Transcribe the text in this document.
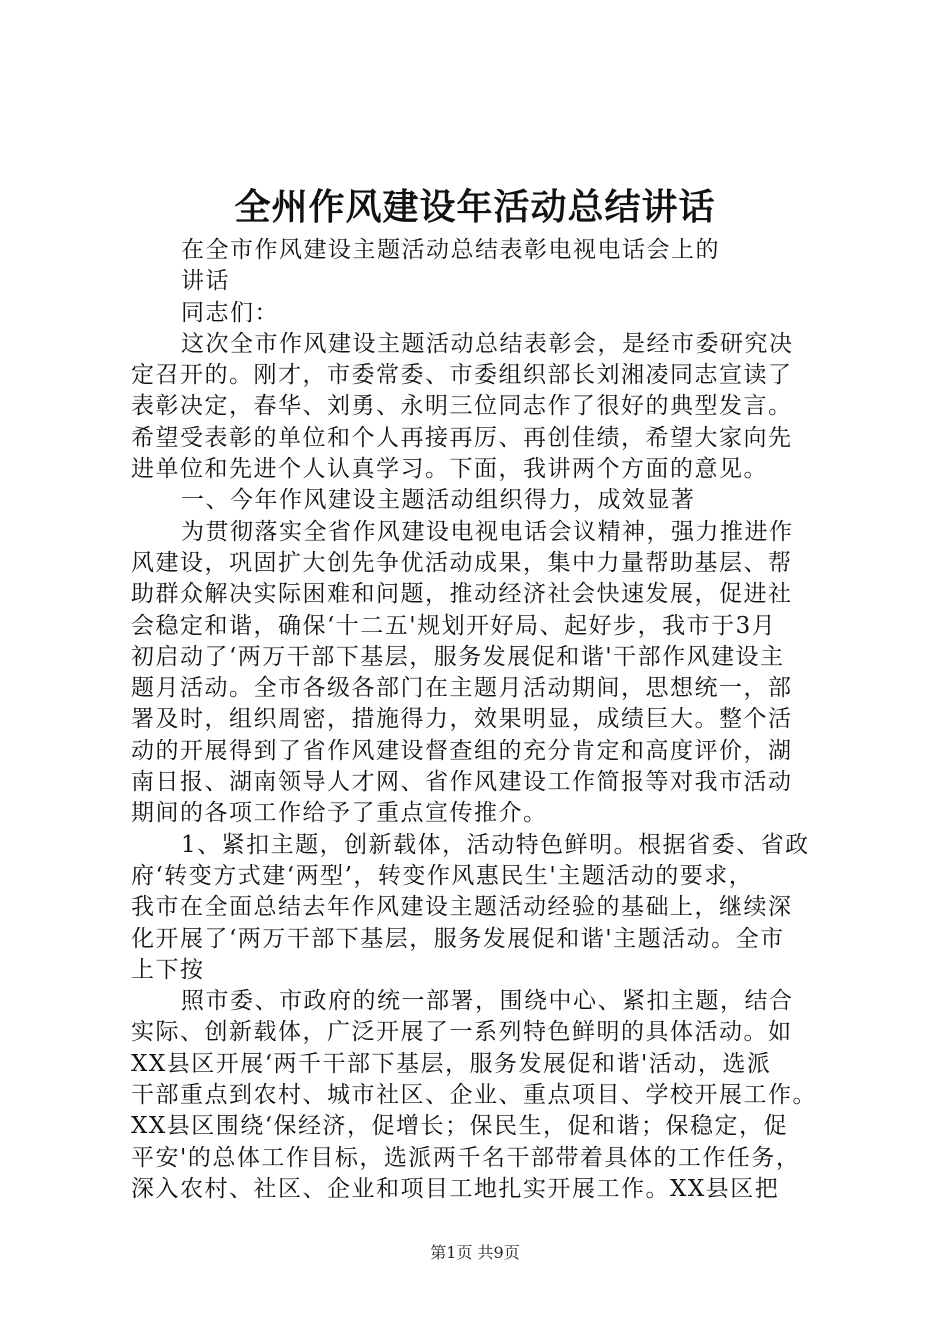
全州作风建设年活动总结讲话
在全市作风建设主题活动总结表彰电视电话会上的
讲话
同志们：
这次全市作风建设主题活动总结表彰会，是经市委研究决
定召开的。刚才，市委常委、市委组织部长刘湘凌同志宣读了
表彰决定，春华、刘勇、永明三位同志作了很好的典型发言。
希望受表彰的单位和个人再接再厉、再创佳绩，希望大家向先
进单位和先进个人认真学习。下面，我讲两个方面的意见。
一、今年作风建设主题活动组织得力，成效显著
为贯彻落实全省作风建设电视电话会议精神，强力推进作
风建设，巩固扩大创先争优活动成果，集中力量帮助基层、帮
助群众解决实际困难和问题，推动经济社会快速发展，促进社
会稳定和谐，确保‘十二五'规划开好局、起好步，我市于3月
初启动了‘两万干部下基层，服务发展促和谐'干部作风建设主
题月活动。全市各级各部门在主题月活动期间，思想统一，部
署及时，组织周密，措施得力，效果明显，成绩巨大。整个活
动的开展得到了省作风建设督查组的充分肯定和高度评价，湖
南日报、湖南领导人才网、省作风建设工作简报等对我市活动
期间的各项工作给予了重点宣传推介。
1、紧扣主题，创新载体，活动特色鲜明。根据省委、省政
府‘转变方式建‘两型’，转变作风惠民生'主题活动的要求，
我市在全面总结去年作风建设主题活动经验的基础上，继续深
化开展了‘两万干部下基层，服务发展促和谐'主题活动。全市
上下按
照市委、市政府的统一部署，围绕中心、紧扣主题，结合
实际、创新载体，广泛开展了一系列特色鲜明的具体活动。如
XX县区开展‘两千干部下基层，服务发展促和谐'活动，选派
干部重点到农村、城市社区、企业、重点项目、学校开展工作。
XX县区围绕‘保经济，促增长；保民生，促和谐；保稳定，促
平安'的总体工作目标，选派两千名干部带着具体的工作任务，
深入农村、社区、企业和项目工地扎实开展工作。XX县区把
第1页 共9页
